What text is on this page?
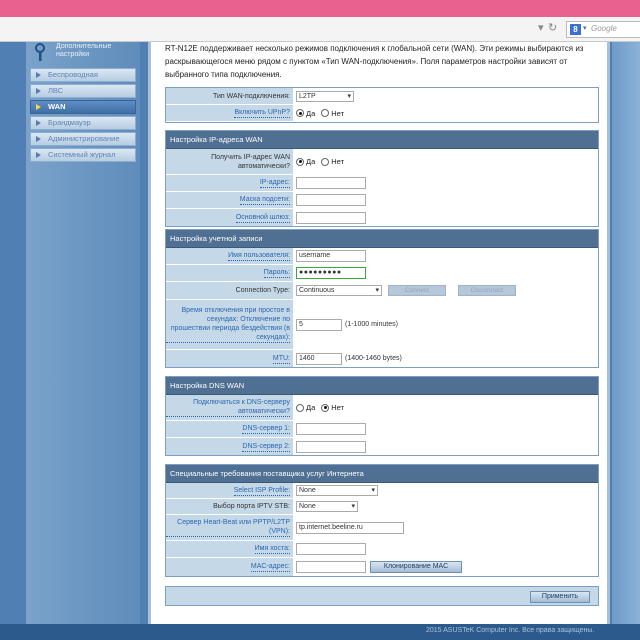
▾ ↻	8 ▾ Google
Дополнительные настройки
Беспроводная
ЛВС
WAN
Брандмауэр
Администрирование
Системный журнал
RT-N12E поддерживает несколько режимов подключения к глобальной сети (WAN). Эти режимы выбираются из раскрывающегося меню рядом с пунктом «Тип WAN-подключения». Поля параметров настройки зависят от выбранного типа подключения.
Тип WAN-подключения:	L2TP ▾
Включить UPnP? Да Нет
Настройка IP-адреса WAN
Получить IP-адрес WAN автоматически? Да Нет
IP-адрес:
Маска подсети:
Основной шлюз:
Настройка учетной записи
Имя пользователя:	username
Пароль:	●●●●●●●●●
Connection Type:	Continuous ▾	Connect	Disconnect
Время отключения при простое в секундах: Отключение по прошествии периода бездействия (в секундах):
5	(1-1000 minutes)
MTU:	1460	(1400-1460 bytes)
Настройка DNS WAN
Подключаться к DNS-серверу автоматически? Да Нет
DNS-сервер 1:
DNS-сервер 2:
Специальные требования поставщика услуг Интернета
Select ISP Profile:	None ▾
Выбор порта IPTV STB:	None ▾
Сервер Heart-Beat или PPTP/L2TP (VPN):
tp.internet.beeline.ru
Имя хоста:
MAC-адрес:	Клонирование МАС
Применить
2015 ASUSTeK Computer Inc. Все права защищены.
